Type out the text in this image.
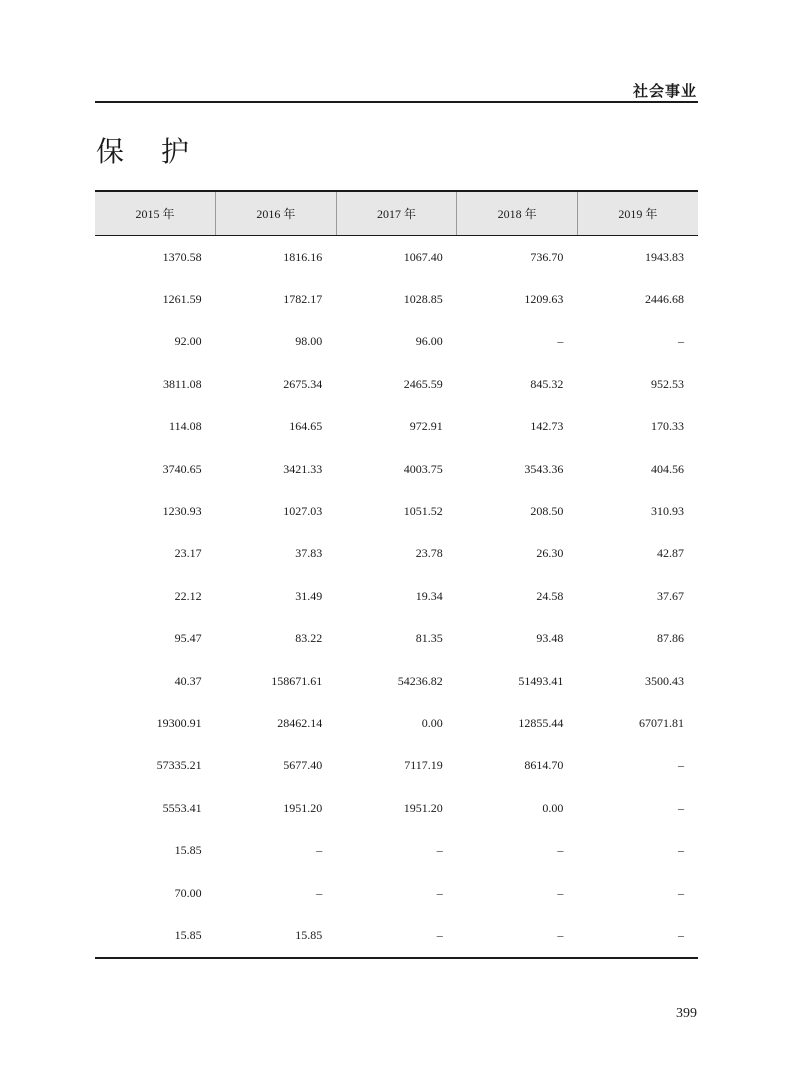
社会事业
保 护
2015 年	2016 年	2017 年	2018 年	2019 年
1370.58	1816.16	1067.40	736.70	1943.83
1261.59	1782.17	1028.85	1209.63	2446.68
92.00	98.00	96.00	–	–
3811.08	2675.34	2465.59	845.32	952.53
114.08	164.65	972.91	142.73	170.33
3740.65	3421.33	4003.75	3543.36	404.56
1230.93	1027.03	1051.52	208.50	310.93
23.17	37.83	23.78	26.30	42.87
22.12	31.49	19.34	24.58	37.67
95.47	83.22	81.35	93.48	87.86
40.37	158671.61	54236.82	51493.41	3500.43
19300.91	28462.14	0.00	12855.44	67071.81
57335.21	5677.40	7117.19	8614.70	–
5553.41	1951.20	1951.20	0.00	–
15.85	–	–	–	–
70.00	–	–	–	–
15.85	15.85	–	–	–
399
